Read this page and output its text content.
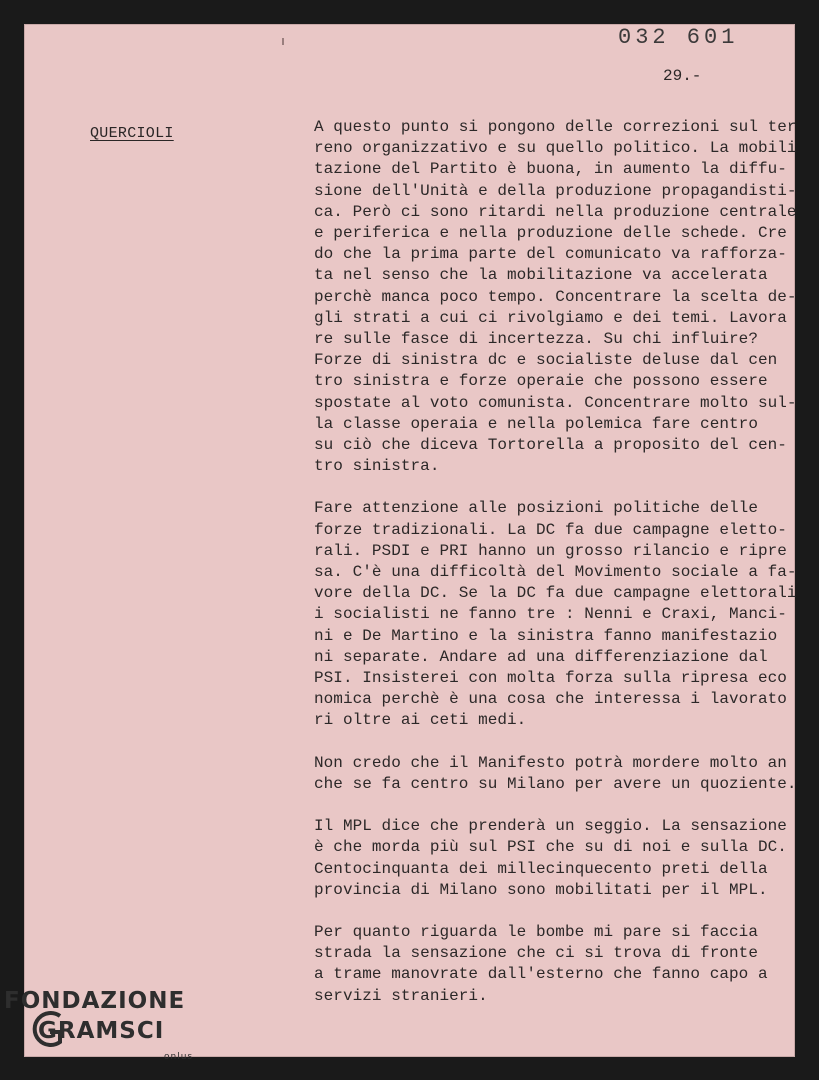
032 601
29.-
QUERCIOLI	A questo punto si pongono delle correzioni sul ter
reno organizzativo e su quello politico. La mobili
tazione del Partito è buona, in aumento la diffu-
sione dell'Unità e della produzione propagandisti-
ca. Però ci sono ritardi nella produzione centrale
e periferica e nella produzione delle schede. Cre
do che la prima parte del comunicato va rafforza-
ta nel senso che la mobilitazione va accelerata
perchè manca poco tempo. Concentrare la scelta de-
gli strati a cui ci rivolgiamo e dei temi. Lavora
re sulle fasce di incertezza. Su chi influire?
Forze di sinistra dc e socialiste deluse dal cen
tro sinistra e forze operaie che possono essere
spostate al voto comunista. Concentrare molto sul-
la classe operaia e nella polemica fare centro
su ciò che diceva Tortorella a proposito del cen-
tro sinistra.
Fare attenzione alle posizioni politiche delle
forze tradizionali. La DC fa due campagne eletto-
rali. PSDI e PRI hanno un grosso rilancio e ripre
sa. C'è una difficoltà del Movimento sociale a fa-
vore della DC. Se la DC fa due campagne elettorali
i socialisti ne fanno tre : Nenni e Craxi, Manci-
ni e De Martino e la sinistra fanno manifestazio
ni separate. Andare ad una differenziazione dal
PSI. Insisterei con molta forza sulla ripresa eco
nomica perchè è una cosa che interessa i lavorato
ri oltre ai ceti medi.
Non credo che il Manifesto potrà mordere molto an
che se fa centro su Milano per avere un quoziente.
Il MPL dice che prenderà un seggio. La sensazione
è che morda più sul PSI che su di noi e sulla DC.
Centocinquanta dei millecinquecento preti della
provincia di Milano sono mobilitati per il MPL.
Per quanto riguarda le bombe mi pare si faccia
strada la sensazione che ci si trova di fronte
a trame manovrate dall'esterno che fanno capo a
servizi stranieri.
FONDAZIONE
GRAMSCI
onlus
